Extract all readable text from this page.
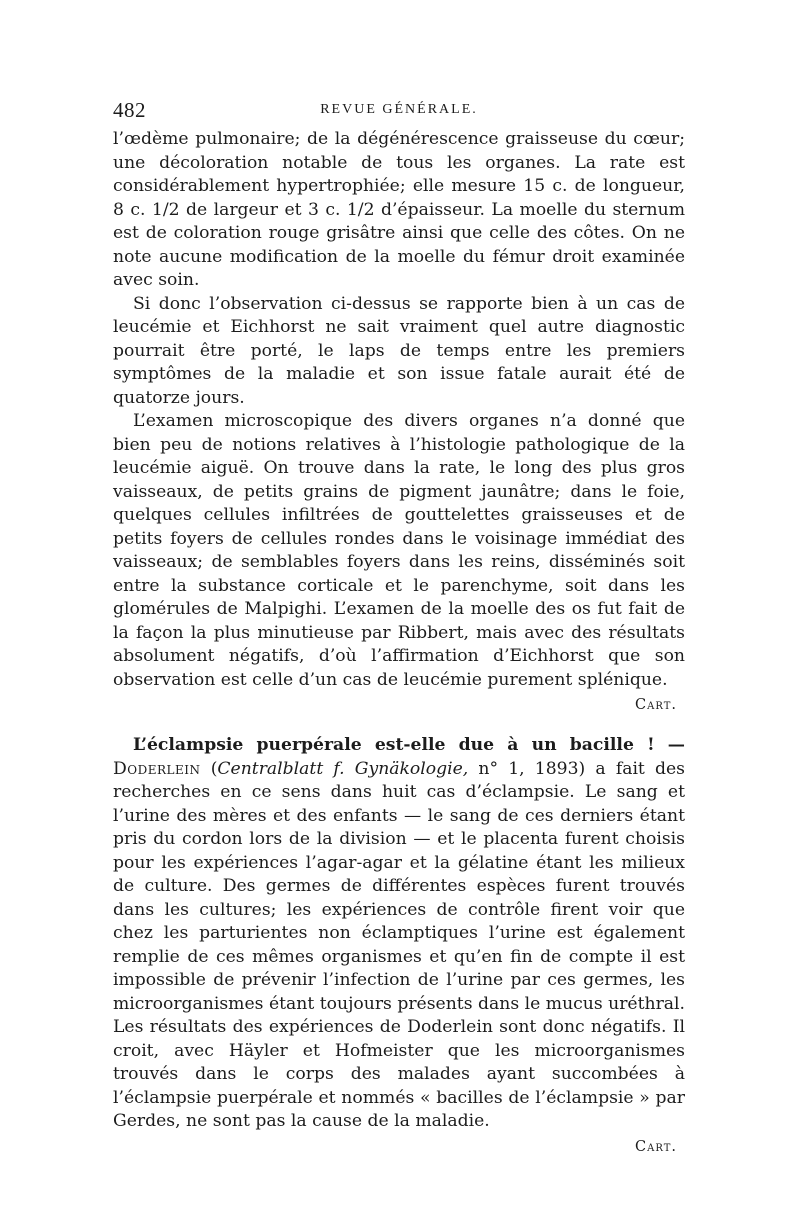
482	REVUE GÉNÉRALE.

l’œdème pulmonaire; de la dégénérescence graisseuse du cœur; une décoloration notable de tous les organes. La rate est considérablement hypertrophiée; elle mesure 15 c. de longueur, 8 c. 1/2 de largeur et 3 c. 1/2 d’épaisseur. La moelle du sternum est de coloration rouge grisâtre ainsi que celle des côtes. On ne note aucune modification de la moelle du fémur droit examinée avec soin.

Si donc l’observation ci-dessus se rapporte bien à un cas de leucémie et Eichhorst ne sait vraiment quel autre diagnostic pourrait être porté, le laps de temps entre les premiers symptômes de la maladie et son issue fatale aurait été de quatorze jours.

L’examen microscopique des divers organes n’a donné que bien peu de notions relatives à l’histologie pathologique de la leucémie aiguë. On trouve dans la rate, le long des plus gros vaisseaux, de petits grains de pigment jaunâtre; dans le foie, quelques cellules infiltrées de gouttelettes graisseuses et de petits foyers de cellules rondes dans le voisinage immédiat des vaisseaux; de semblables foyers dans les reins, disséminés soit entre la substance corticale et le parenchyme, soit dans les glomérules de Malpighi. L’examen de la moelle des os fut fait de la façon la plus minutieuse par Ribbert, mais avec des résultats absolument négatifs, d’où l’affirmation d’Eichhorst que son observation est celle d’un cas de leucémie purement splénique.

Cart.

L’éclampsie puerpérale est-elle due à un bacille ! — Doderlein (Centralblatt f. Gynäkologie, n° 1, 1893) a fait des recherches en ce sens dans huit cas d’éclampsie. Le sang et l’urine des mères et des enfants — le sang de ces derniers étant pris du cordon lors de la division — et le placenta furent choisis pour les expériences l’agar-agar et la gélatine étant les milieux de culture. Des germes de différentes espèces furent trouvés dans les cultures; les expériences de contrôle firent voir que chez les parturientes non éclamptiques l’urine est également remplie de ces mêmes organismes et qu’en fin de compte il est impossible de prévenir l’infection de l’urine par ces germes, les microorganismes étant toujours présents dans le mucus uréthral. Les résultats des expériences de Doderlein sont donc négatifs. Il croit, avec Häyler et Hofmeister que les microorganismes trouvés dans le corps des malades ayant succombées à l’éclampsie puerpérale et nommés « bacilles de l’éclampsie » par Gerdes, ne sont pas la cause de la maladie.

Cart.
